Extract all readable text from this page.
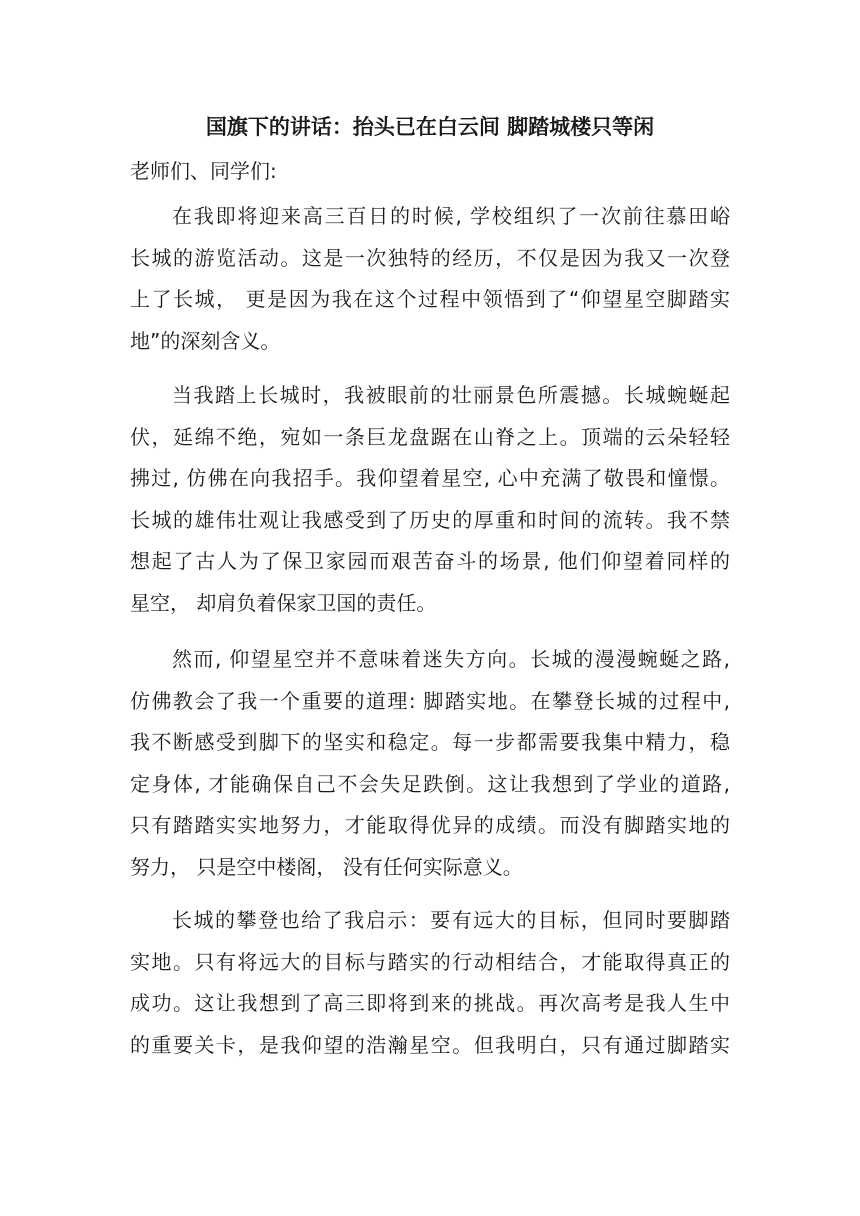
国旗下的讲话：抬头已在白云间 脚踏城楼只等闲
老师们、同学们:

在我即将迎来高三百日的时候, 学校组织了一次前往慕田峪
长城的游览活动。这是一次独特的经历，不仅是因为我又一次登
上了长城， 更是因为我在这个过程中领悟到了“仰望星空脚踏实
地”的深刻含义。

当我踏上长城时，我被眼前的壮丽景色所震撼。长城蜿蜒起
伏，延绵不绝，宛如一条巨龙盘踞在山脊之上。顶端的云朵轻轻
拂过, 仿佛在向我招手。我仰望着星空, 心中充满了敬畏和憧憬。
长城的雄伟壮观让我感受到了历史的厚重和时间的流转。我不禁
想起了古人为了保卫家园而艰苦奋斗的场景, 他们仰望着同样的
星空， 却肩负着保家卫国的责任。

然而, 仰望星空并不意味着迷失方向。长城的漫漫蜿蜒之路,
仿佛教会了我一个重要的道理: 脚踏实地。在攀登长城的过程中,
我不断感受到脚下的坚实和稳定。每一步都需要我集中精力，稳
定身体, 才能确保自己不会失足跌倒。这让我想到了学业的道路,
只有踏踏实实地努力，才能取得优异的成绩。而没有脚踏实地的
努力， 只是空中楼阁， 没有任何实际意义。

长城的攀登也给了我启示：要有远大的目标，但同时要脚踏
实地。只有将远大的目标与踏实的行动相结合，才能取得真正的
成功。这让我想到了高三即将到来的挑战。再次高考是我人生中
的重要关卡，是我仰望的浩瀚星空。但我明白，只有通过脚踏实
